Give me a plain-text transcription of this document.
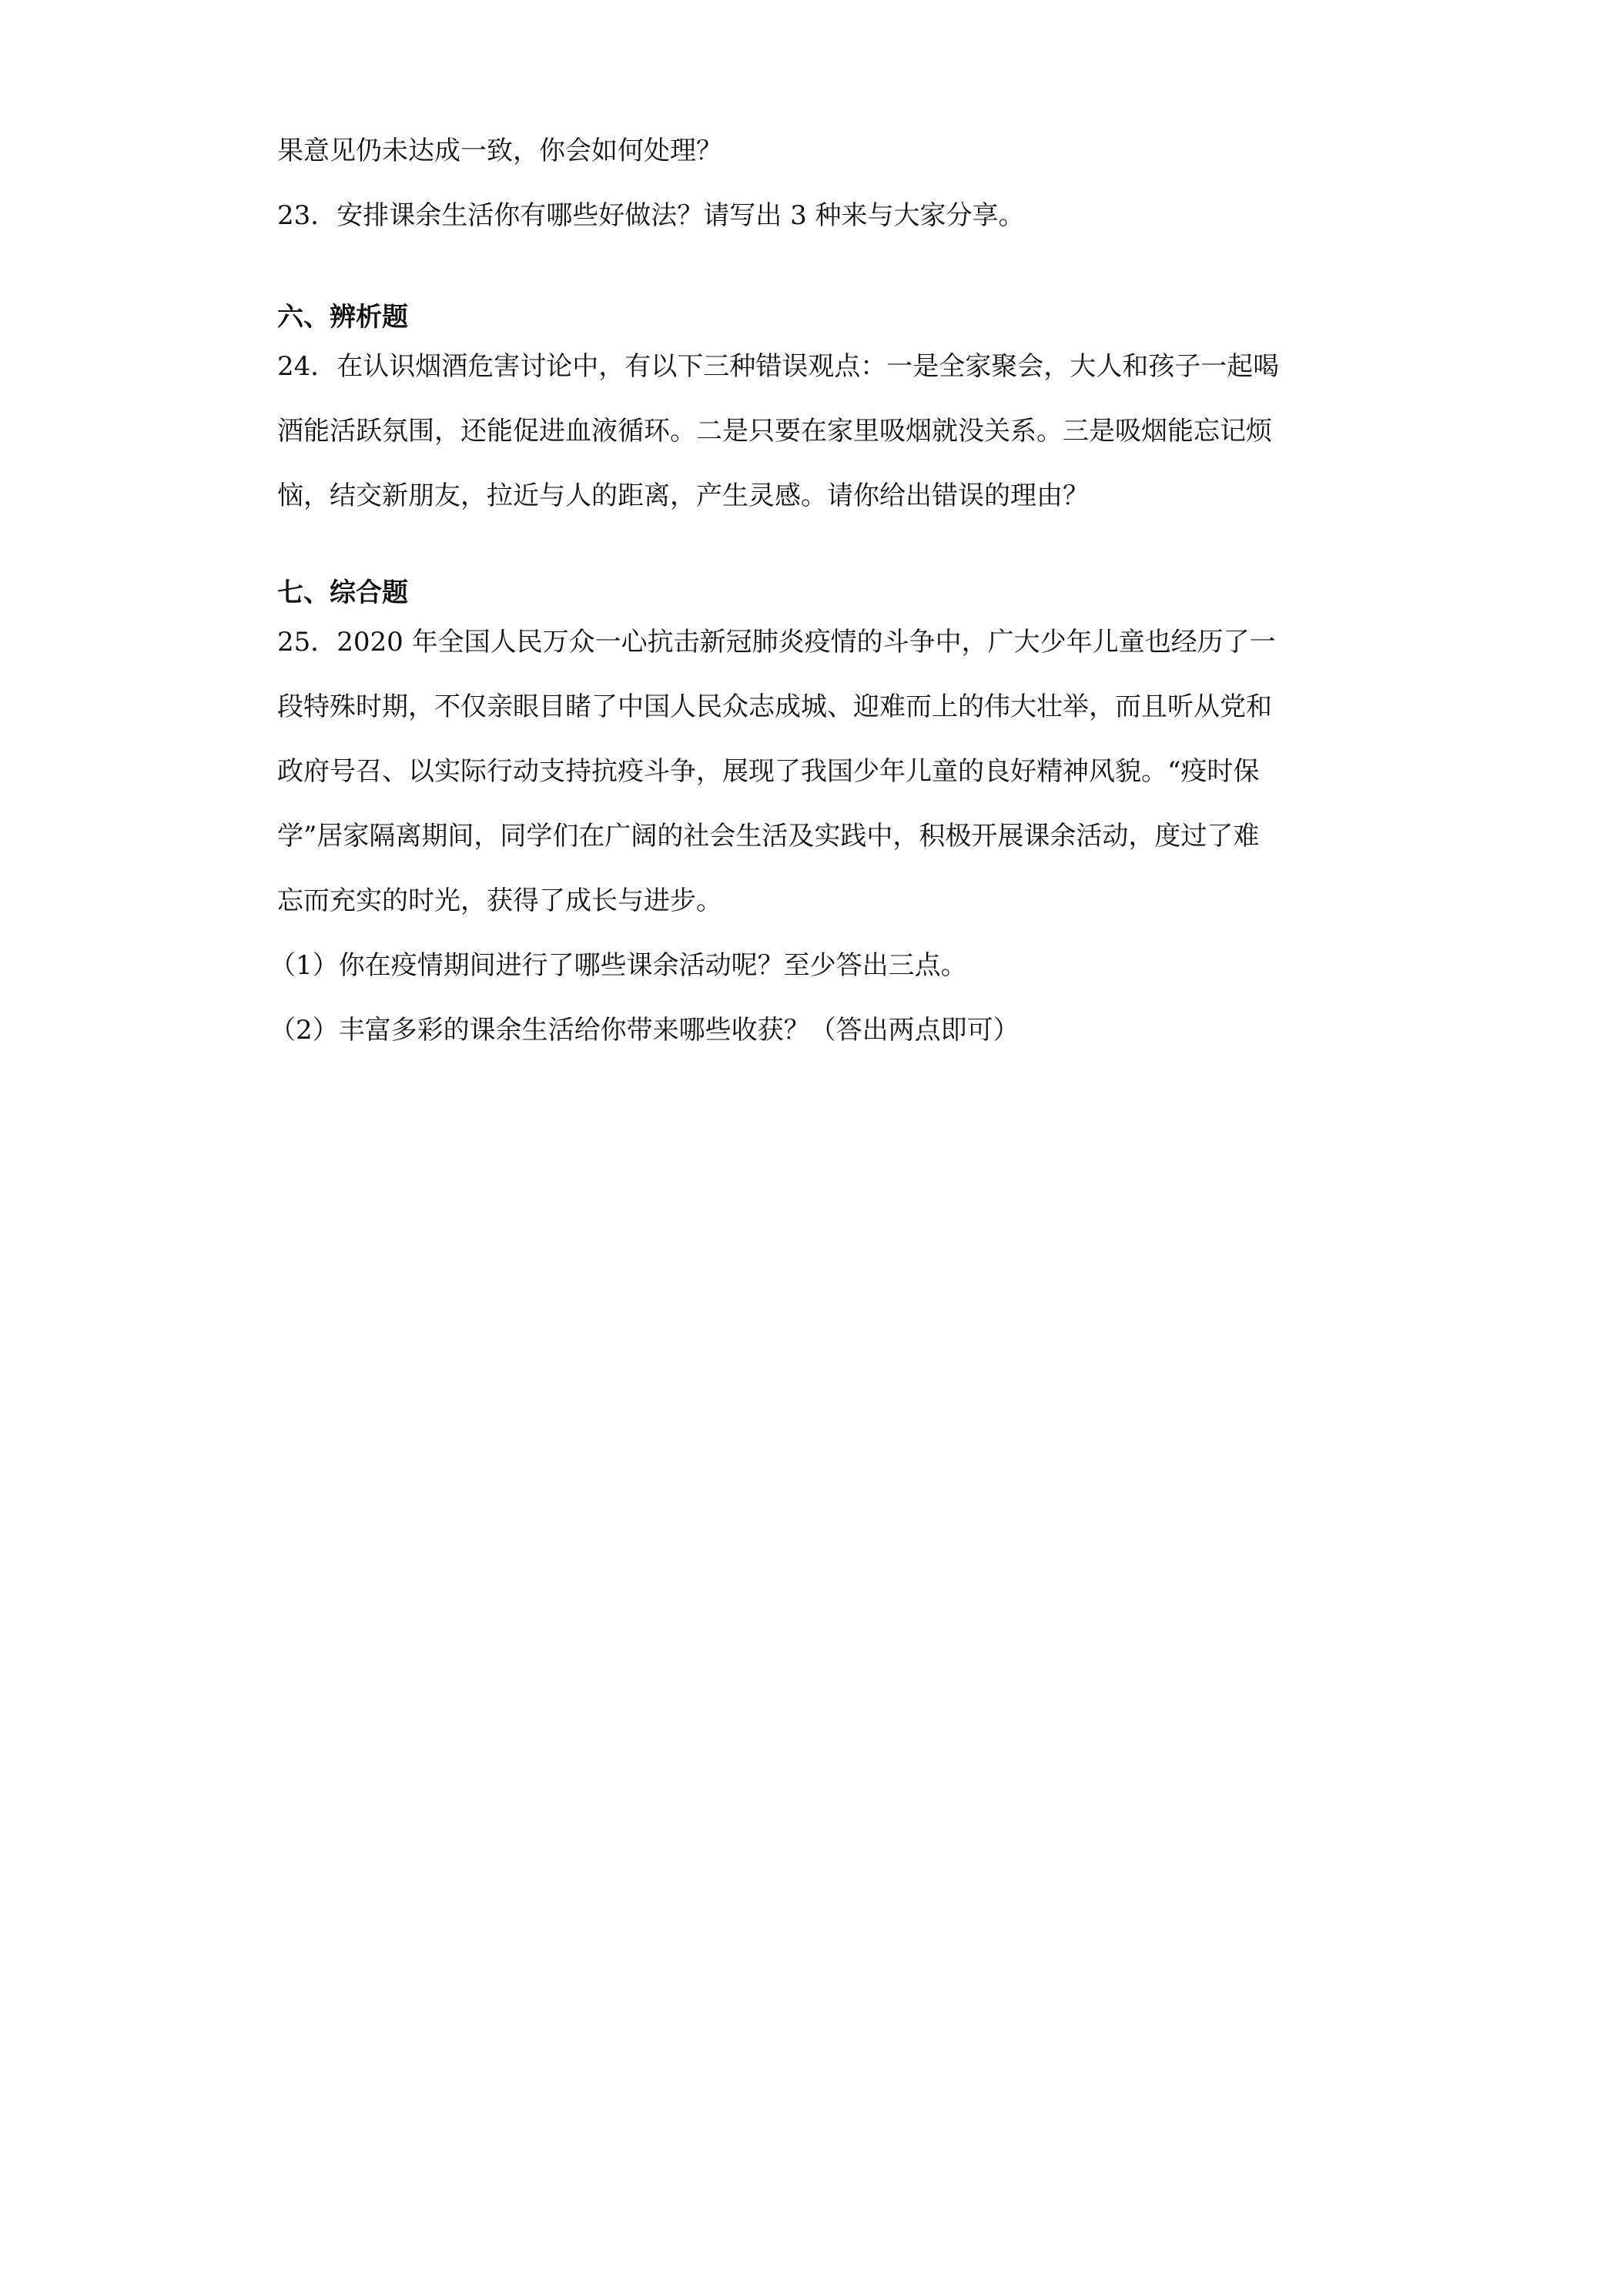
果意见仍未达成一致，你会如何处理？

23．安排课余生活你有哪些好做法？请写出 3 种来与大家分享。

六、辨析题

24．在认识烟酒危害讨论中，有以下三种错误观点：一是全家聚会，大人和孩子一起喝

酒能活跃氛围，还能促进血液循环。二是只要在家里吸烟就没关系。三是吸烟能忘记烦

恼，结交新朋友，拉近与人的距离，产生灵感。请你给出错误的理由？

七、综合题

25．2020 年全国人民万众一心抗击新冠肺炎疫情的斗争中，广大少年儿童也经历了一

段特殊时期，不仅亲眼目睹了中国人民众志成城、迎难而上的伟大壮举，而且听从党和

政府号召、以实际行动支持抗疫斗争，展现了我国少年儿童的良好精神风貌。“疫时保

学”居家隔离期间，同学们在广阔的社会生活及实践中，积极开展课余活动，度过了难

忘而充实的时光，获得了成长与进步。

（1）你在疫情期间进行了哪些课余活动呢？至少答出三点。

（2）丰富多彩的课余生活给你带来哪些收获？（答出两点即可）
